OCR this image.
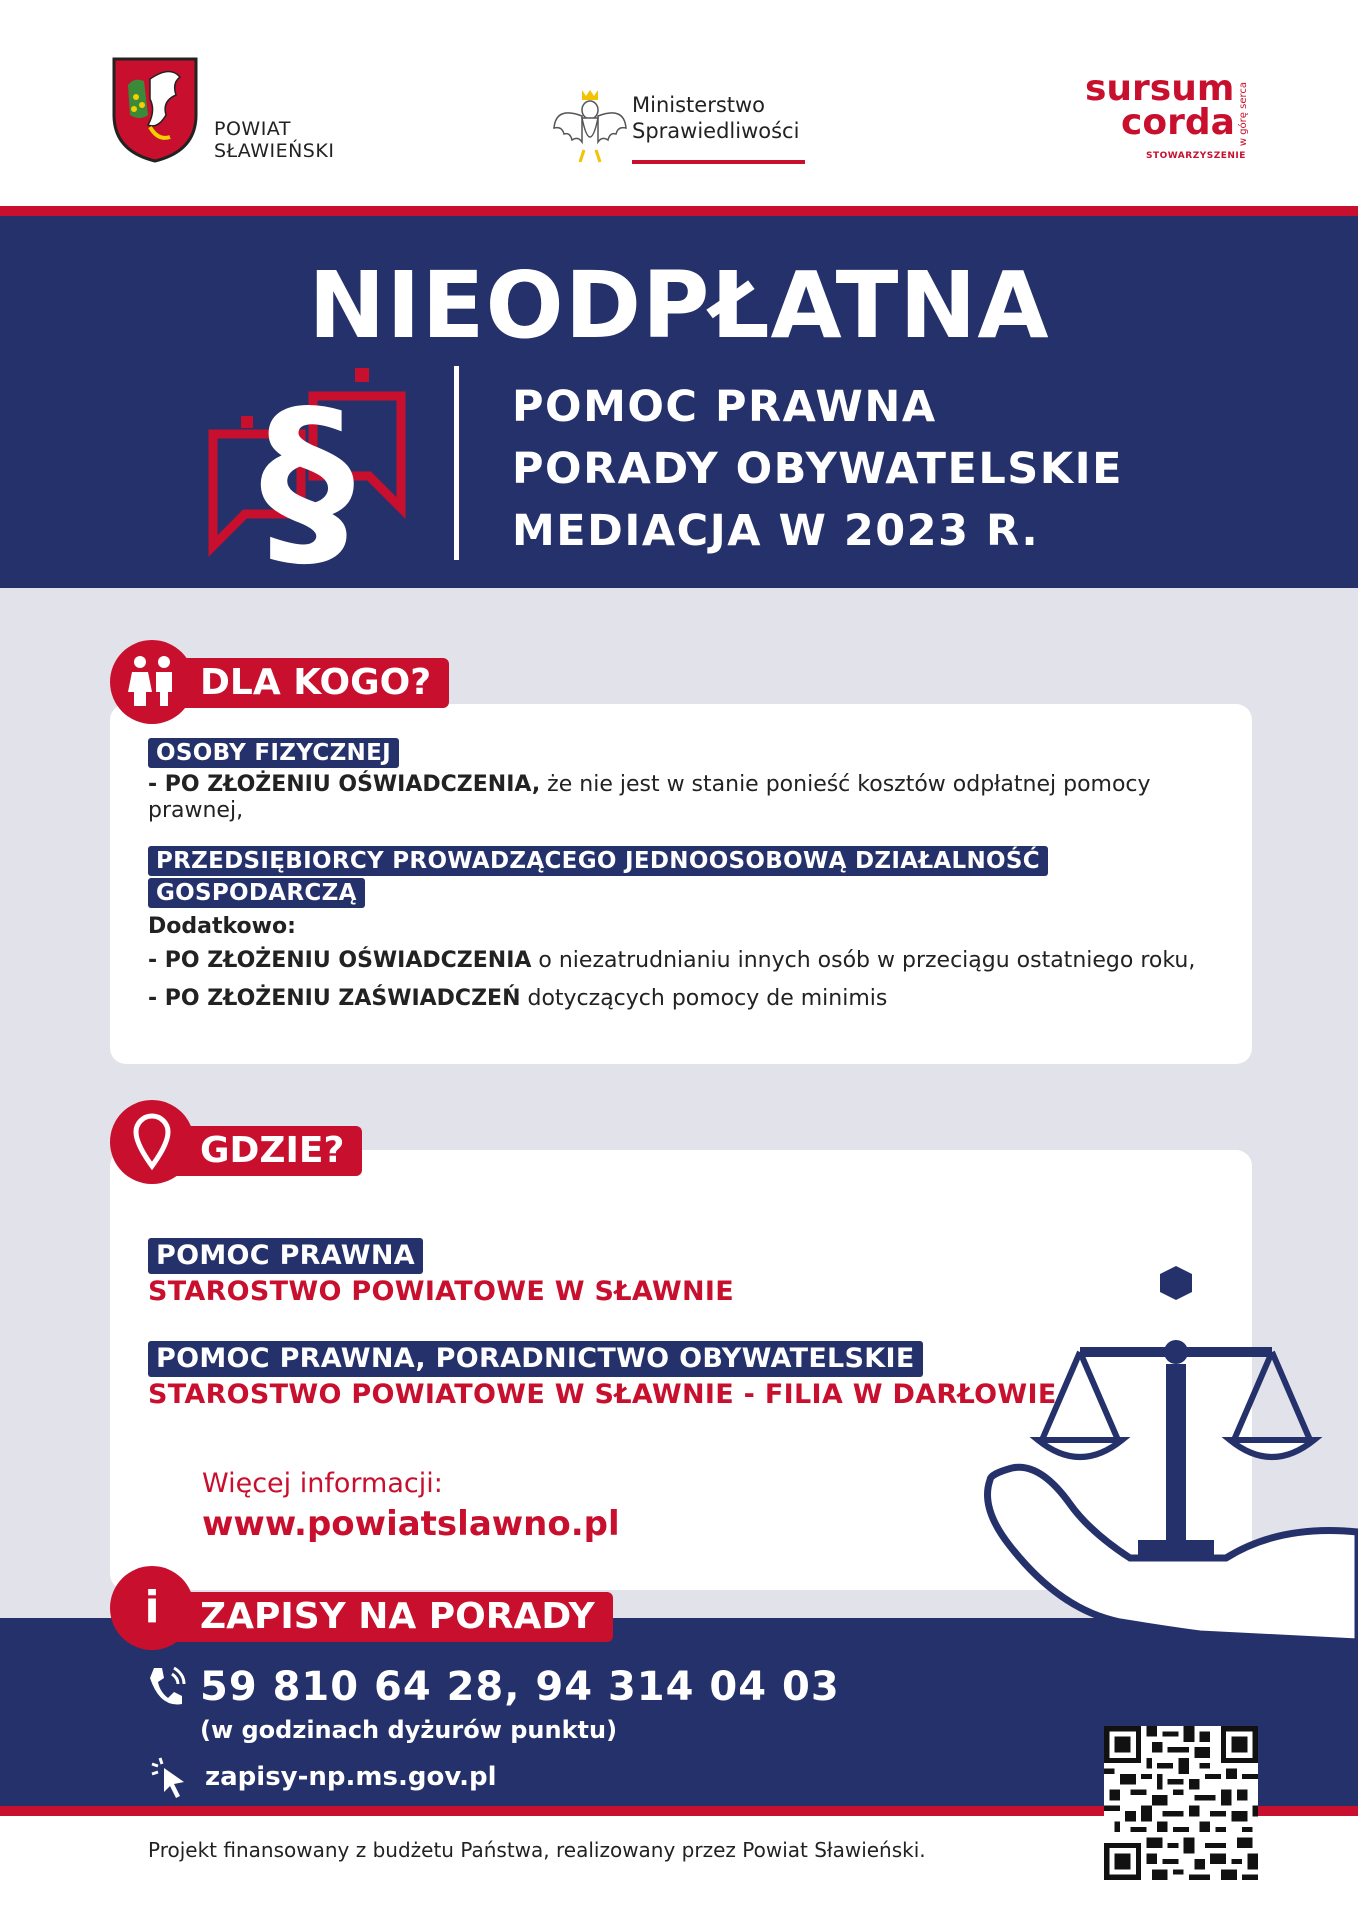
POWIAT
SŁAWIEŃSKI
Ministerstwo
Sprawiedliwości
sursum
corda
STOWARZYSZENIE
w górę serca
NIEODPŁATNA
§	POMOC PRAWNA
PORADY OBYWATELSKIE
MEDIACJA W 2023 R.
DLA KOGO?
OSOBY FIZYCZNEJ
- PO ZŁOŻENIU OŚWIADCZENIA, że nie jest w stanie ponieść kosztów odpłatnej pomocy prawnej,
PRZEDSIĘBIORCY PROWADZĄCEGO JEDNOOSOBOWĄ DZIAŁALNOŚĆ
GOSPODARCZĄ
Dodatkowo:
- PO ZŁOŻENIU OŚWIADCZENIA o niezatrudnianiu innych osób w przeciągu ostatniego roku,
- PO ZŁOŻENIU ZAŚWIADCZEŃ dotyczących pomocy de minimis
GDZIE?
POMOC PRAWNA
STAROSTWO POWIATOWE W SŁAWNIE
POMOC PRAWNA, PORADNICTWO OBYWATELSKIE
STAROSTWO POWIATOWE W SŁAWNIE - FILIA W DARŁOWIE
Więcej informacji:
www.powiatslawno.pl
ZAPISY NA PORADY
i
59 810 64 28, 94 314 04 03
(w godzinach dyżurów punktu)
zapisy-np.ms.gov.pl
Projekt finansowany z budżetu Państwa, realizowany przez Powiat Sławieński.
